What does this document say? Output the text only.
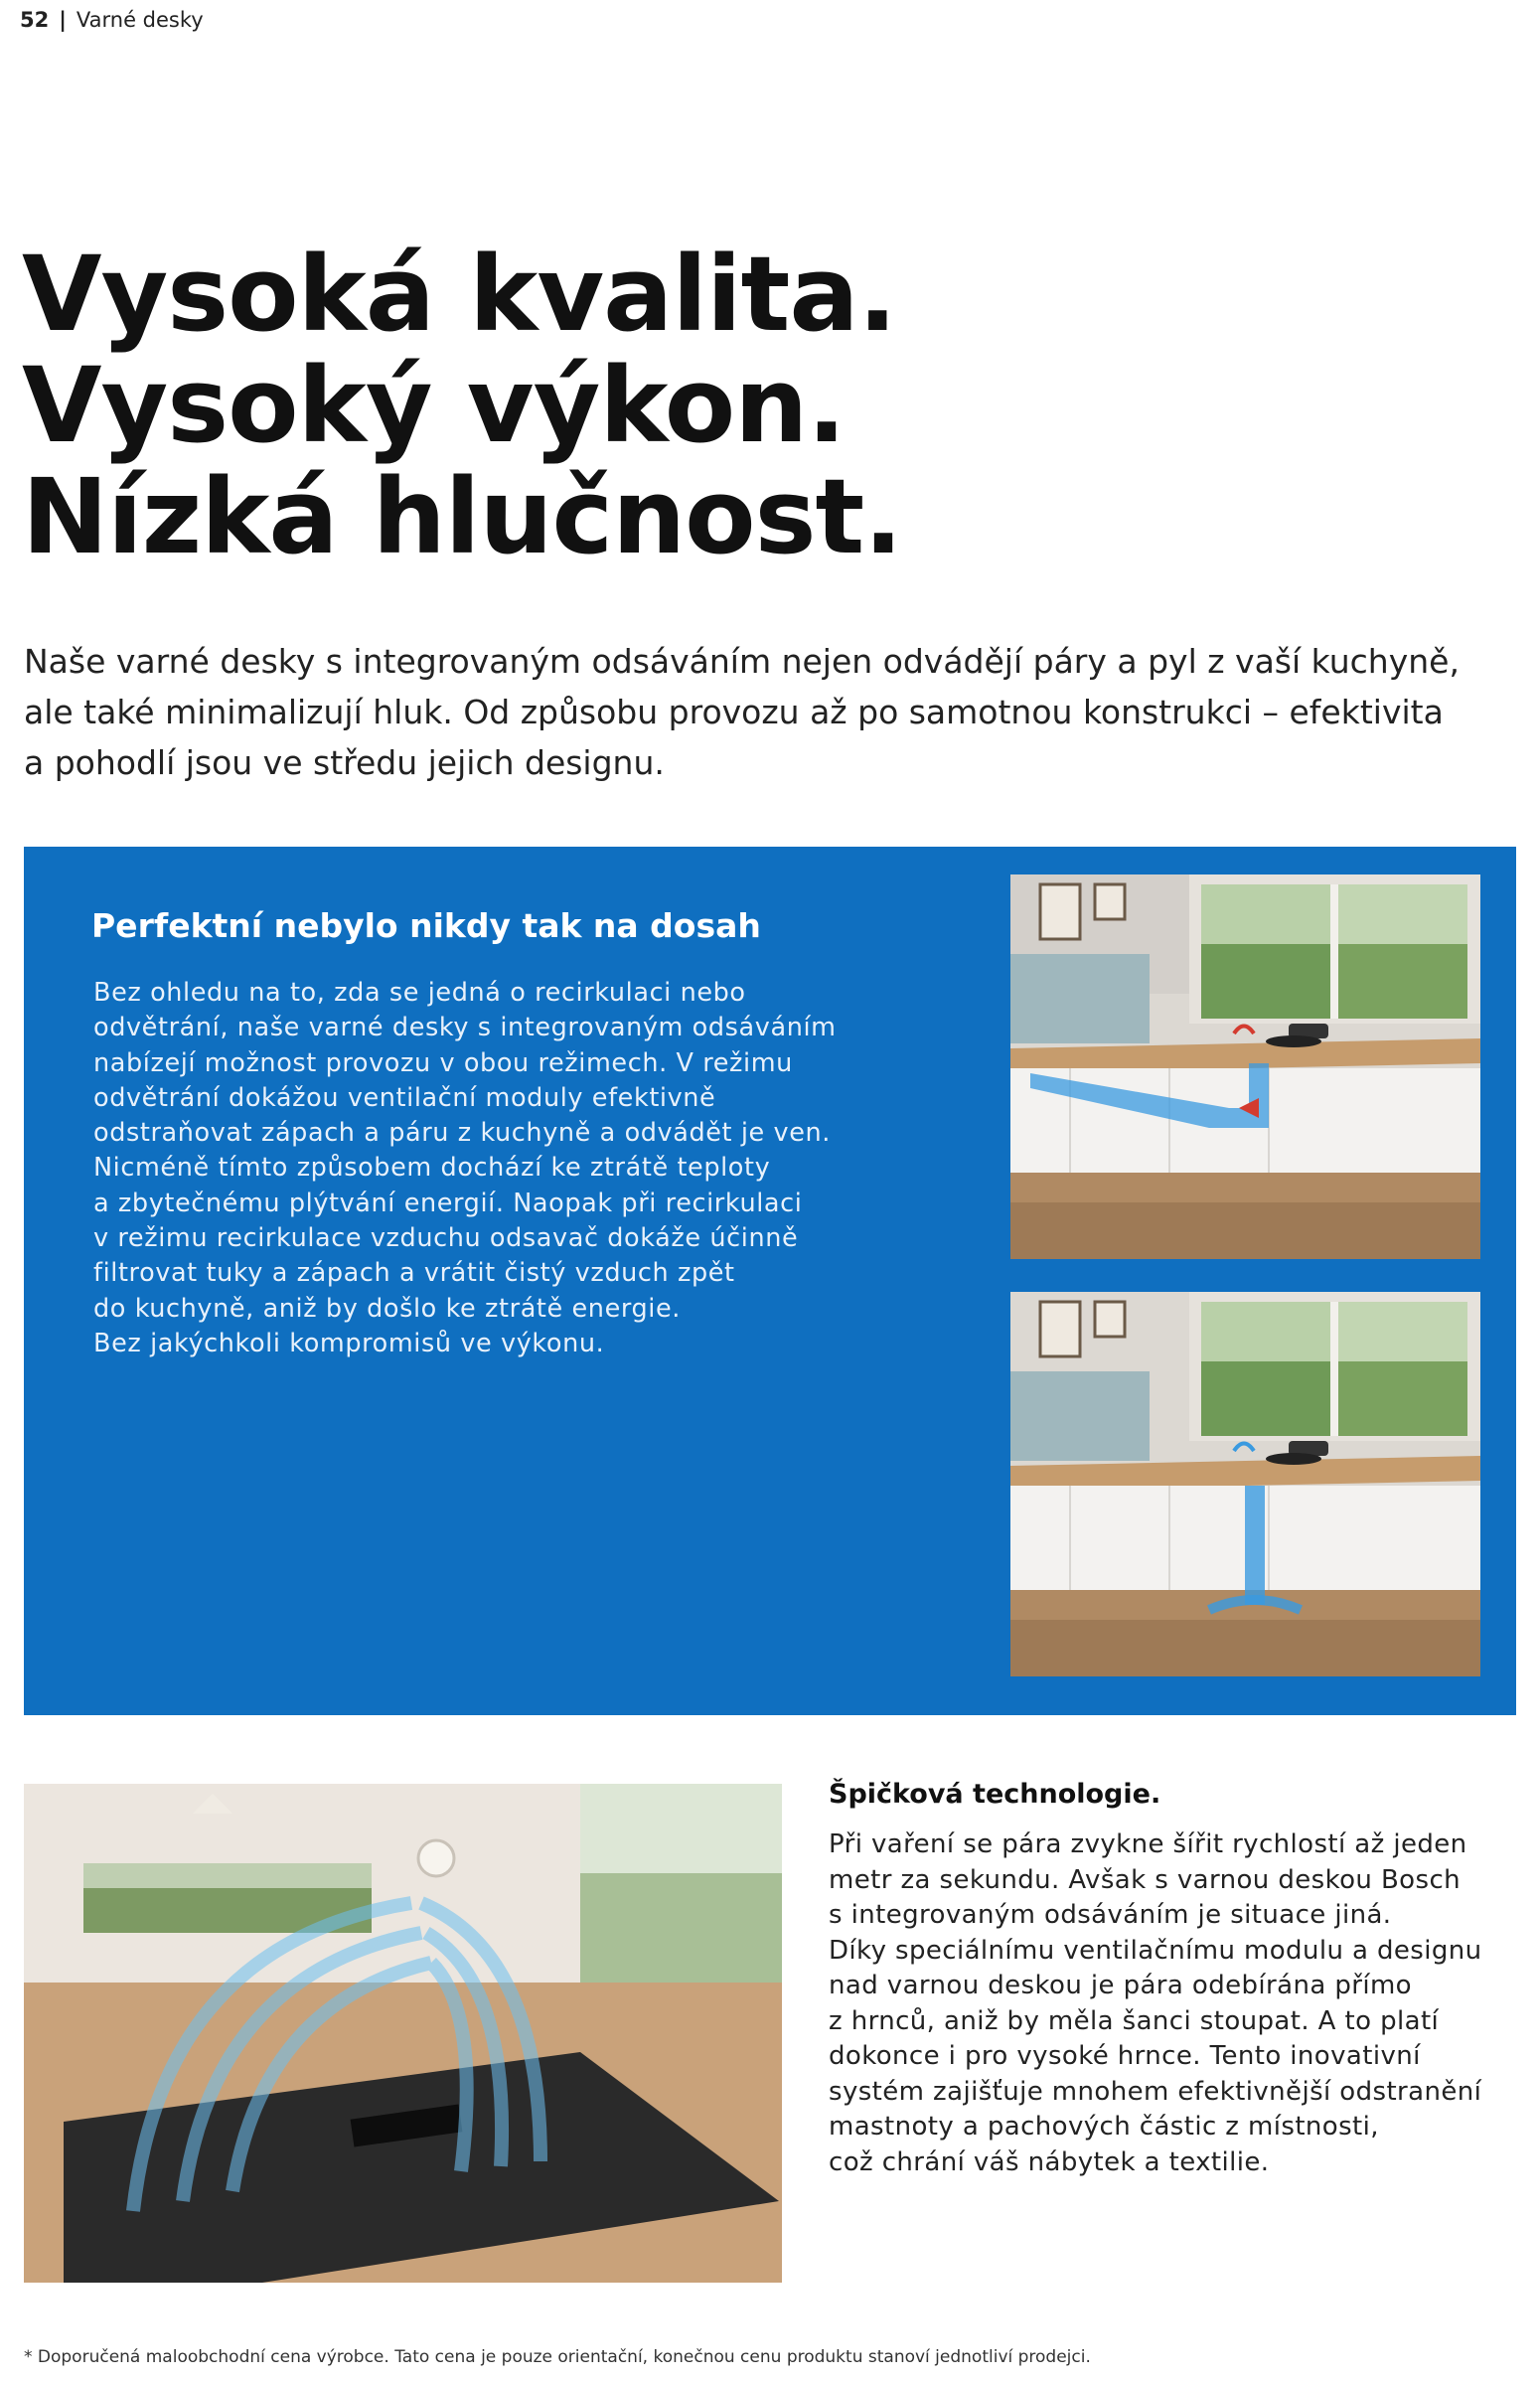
52 | Varné desky
Vysoká kvalita.
Vysoký výkon.
Nízká hlučnost.
Naše varné desky s integrovaným odsáváním nejen odvádějí páry a pyl z vaší kuchyně,
ale také minimalizují hluk. Od způsobu provozu až po samotnou konstrukci – efektivita
a pohodlí jsou ve středu jejich designu.
Perfektní nebylo nikdy tak na dosah
Bez ohledu na to, zda se jedná o recirkulaci nebo
odvětrání, naše varné desky s integrovaným odsáváním
nabízejí možnost provozu v obou režimech. V režimu
odvětrání dokážou ventilační moduly efektivně
odstraňovat zápach a páru z kuchyně a odvádět je ven.
Nicméně tímto způsobem dochází ke ztrátě teploty
a zbytečnému plýtvání energií. Naopak při recirkulaci
v režimu recirkulace vzduchu odsavač dokáže účinně
filtrovat tuky a zápach a vrátit čistý vzduch zpět
do kuchyně, aniž by došlo ke ztrátě energie.
Bez jakýchkoli kompromisů ve výkonu.
Špičková technologie.
Při vaření se pára zvykne šířit rychlostí až jeden
metr za sekundu. Avšak s varnou deskou Bosch
s integrovaným odsáváním je situace jiná.
Díky speciálnímu ventilačnímu modulu a designu
nad varnou deskou je pára odebírána přímo
z hrnců, aniž by měla šanci stoupat. A to platí
dokonce i pro vysoké hrnce. Tento inovativní
systém zajišťuje mnohem efektivnější odstranění
mastnoty a pachových částic z místnosti,
což chrání váš nábytek a textilie.
* Doporučená maloobchodní cena výrobce. Tato cena je pouze orientační, konečnou cenu produktu stanoví jednotliví prodejci.
